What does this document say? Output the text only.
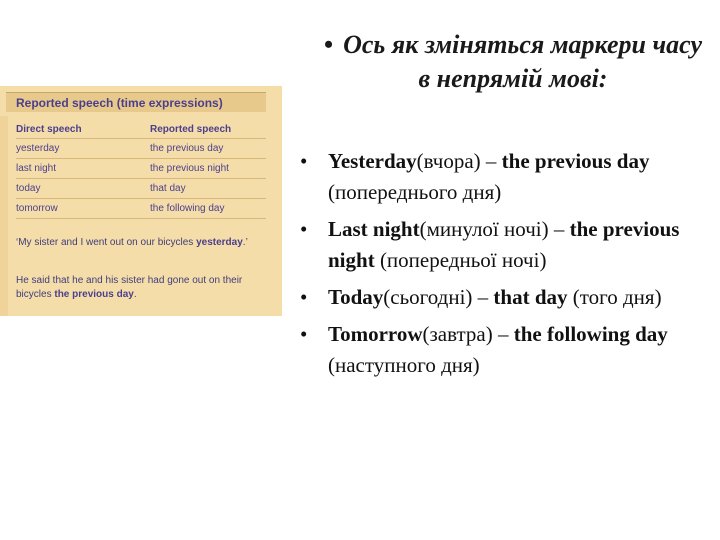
Reported speech (time expressions)
Direct speech	Reported speech
yesterday	the previous day
last night	the previous night
today	that day
tomorrow	the following day
‘My sister and I went out on our bicycles yesterday.’
He said that he and his sister had gone out on their bicycles the previous day.
• Ось як зміняться маркери часу в непрямій мові:
• Yesterday(вчора) – the previous day (попереднього дня)
• Last night(минулої ночі) – the previous night (попередньої ночі)
• Today(сьогодні) – that day (того дня)
• Tomorrow(завтра) – the following day (наступного дня)
